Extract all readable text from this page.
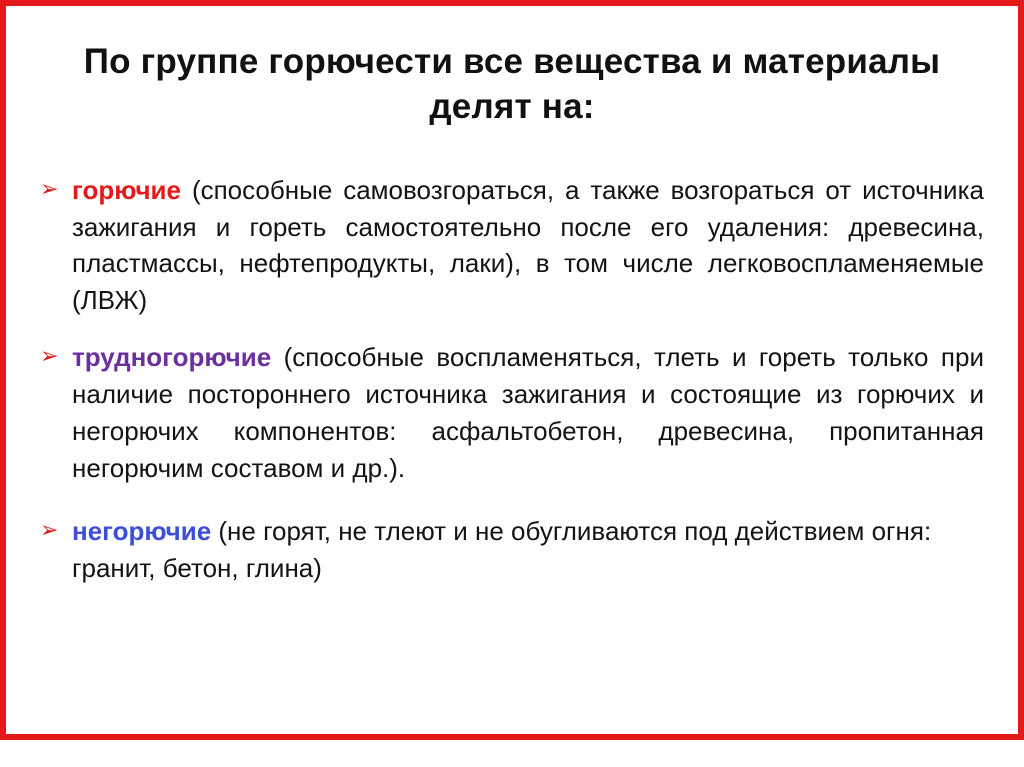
По группе горючести все вещества и материалы делят на:
➢ горючие (способные самовозгораться, а также возгораться от источника зажигания и гореть самостоятельно после его удаления: древесина, пластмассы, нефтепродукты, лаки), в том числе легковоспламеняемые (ЛВЖ)
➢ трудногорючие (способные воспламеняться, тлеть и гореть только при наличие постороннего источника зажигания и состоящие из горючих и негорючих компонентов: асфальтобетон, древесина, пропитанная негорючим составом и др.).
➢ негорючие (не горят, не тлеют и не обугливаются под действием огня: гранит, бетон, глина)
